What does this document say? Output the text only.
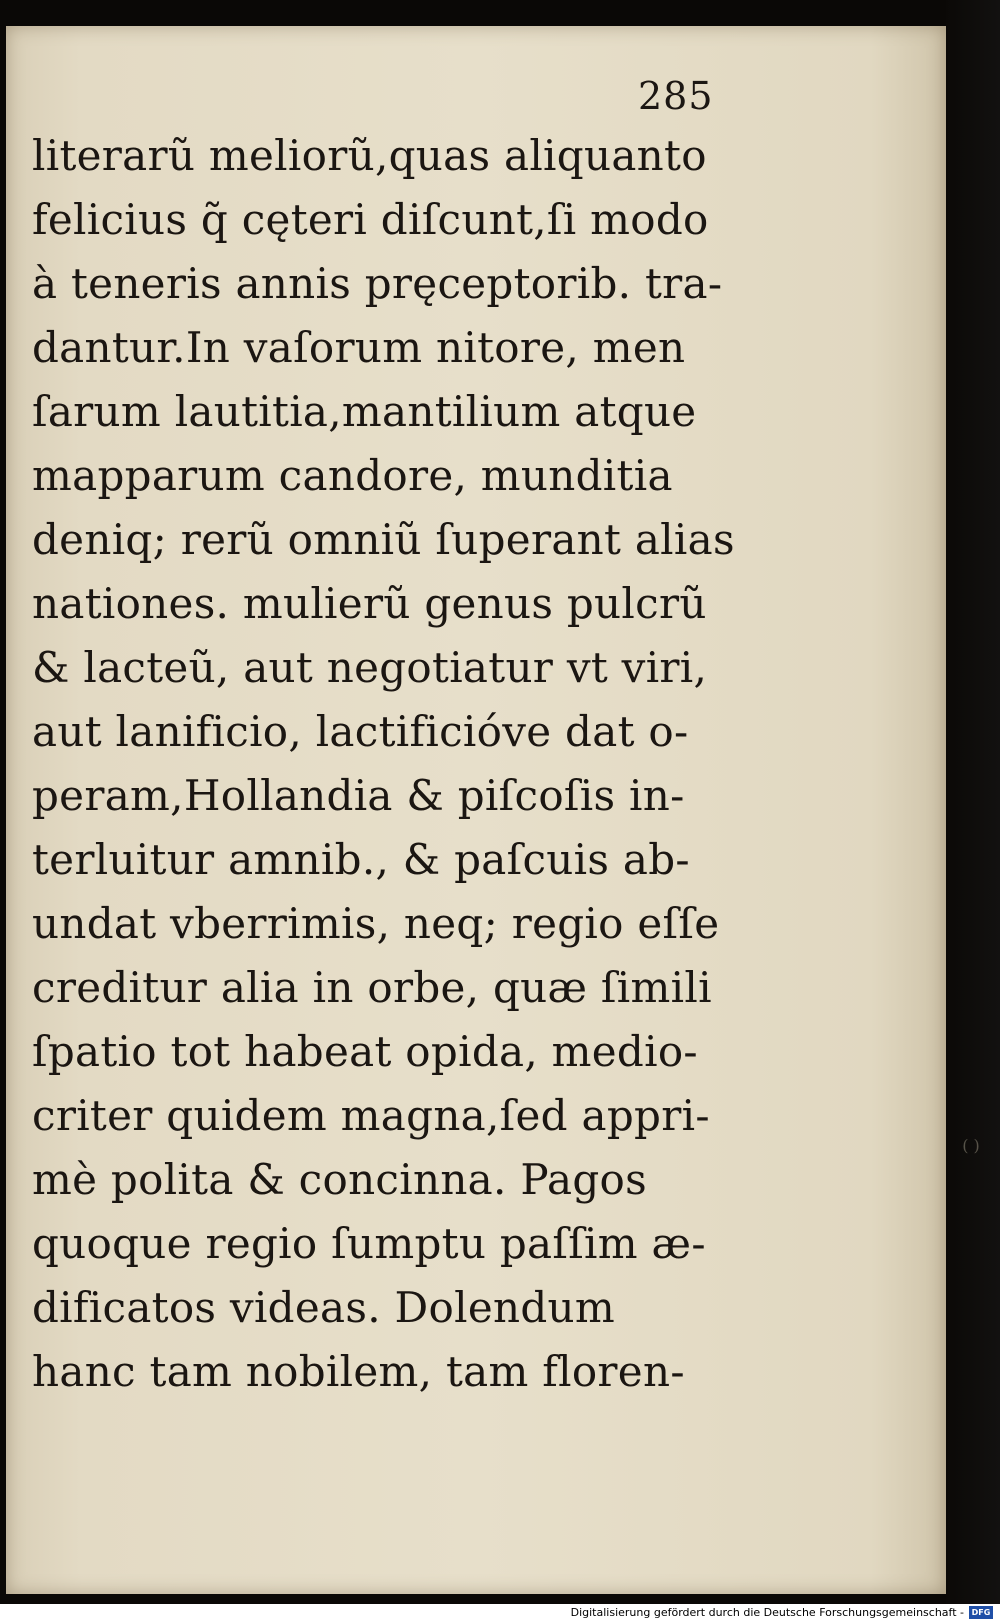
285
literarũ meliorũ,quas aliquanto
felicius q̃ cęteri diſcunt,ſi modo
à teneris annis pręceptorib. tra-
dantur.In vaſorum nitore, men
ſarum lautitia,mantilium atque
mapparum candore, munditia
deniq; rerũ omniũ ſuperant alias
nationes. mulierũ genus pulcrũ
& lacteũ, aut negotiatur vt viri,
aut lanificio, lactificióve dat o-
peram,Hollandia & piſcoſis in-
terluitur amnib., & paſcuis ab-
undat vberrimis, neq; regio eſſe
creditur alia in orbe, quæ ſimili
ſpatio tot habeat opida, medio-
criter quidem magna,ſed appri-
mè polita & concinna. Pagos
quoque regio ſumptu paſſim æ-
dificatos videas. Dolendum
hanc tam nobilem, tam floren-
( )
Digitalisierung gefördert durch die Deutsche Forschungsgemeinschaft - DFG
